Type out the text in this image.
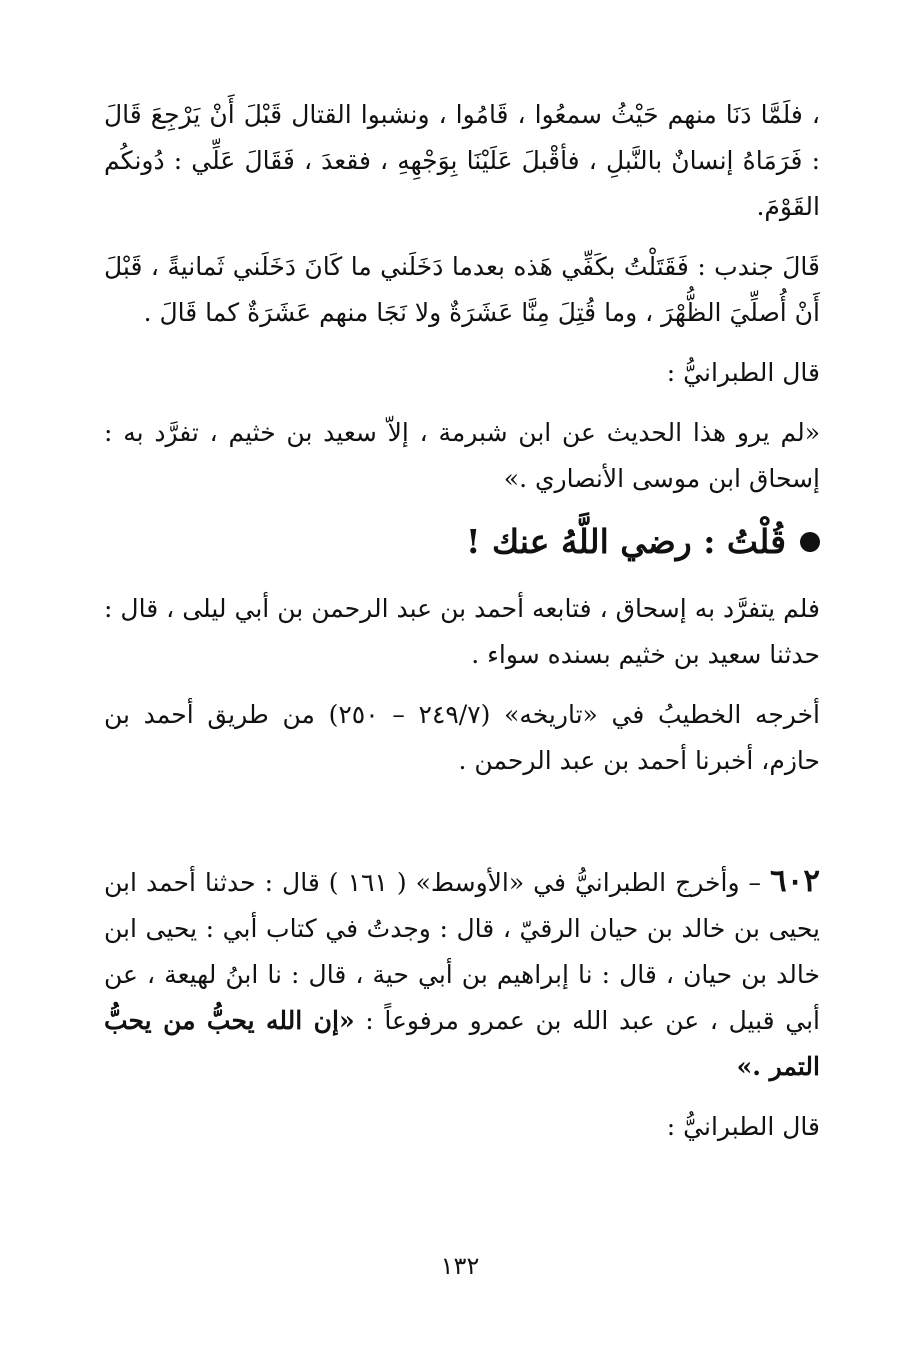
، فلَمَّا دَنَا منهم حَيْثُ سمعُوا ، قَامُوا ، ونشبوا القتال قَبْلَ أَنْ يَرْجِعَ قَالَ : فَرَمَاهُ إنسانٌ بالنَّبلِ ، فأقْبلَ عَلَيْنَا بِوَجْهِهِ ، فقعدَ ، فَقَالَ عَلِّي : دُونكُم القَوْمَ.

قَالَ جندب : فَقَتَلْتُ بكَفِّي هَذه بعدما دَخَلَني ما كَانَ دَخَلَني ثَمانيةً ، قَبْلَ أَنْ أُصلِّيَ الظُّهْرَ ، وما قُتِلَ مِنَّا عَشَرَةٌ ولا نَجَا منهم عَشَرَةٌ كما قَالَ .

قال الطبرانيُّ :

«لم يرو هذا الحديث عن ابن شبرمة ، إلاّ سعيد بن خثيم ، تفرَّد به : إسحاق ابن موسى الأنصاري .»

قُلْتُ : رضي اللَّهُ عنك !

فلم يتفرَّد به إسحاق ، فتابعه أحمد بن عبد الرحمن بن أبي ليلى ، قال : حدثنا سعيد بن خثيم بسنده سواء .

أخرجه الخطيبُ في «تاريخه» (٢٤٩/٧ – ٢٥٠) من طريق أحمد بن حازم، أخبرنا أحمد بن عبد الرحمن .

٦٠٢ – وأخرج الطبرانيُّ في «الأوسط» ( ١٦١ ) قال : حدثنا أحمد ابن يحيى بن خالد بن حيان الرقيّ ، قال : وجدتُ في كتاب أبي : يحيى ابن خالد بن حيان ، قال : نا إبراهيم بن أبي حية ، قال : نا ابنُ لهيعة ، عن أبي قبيل ، عن عبد الله بن عمرو مرفوعاً : «إن الله يحبُّ من يحبُّ التمر .»

قال الطبرانيُّ :

١٣٢
